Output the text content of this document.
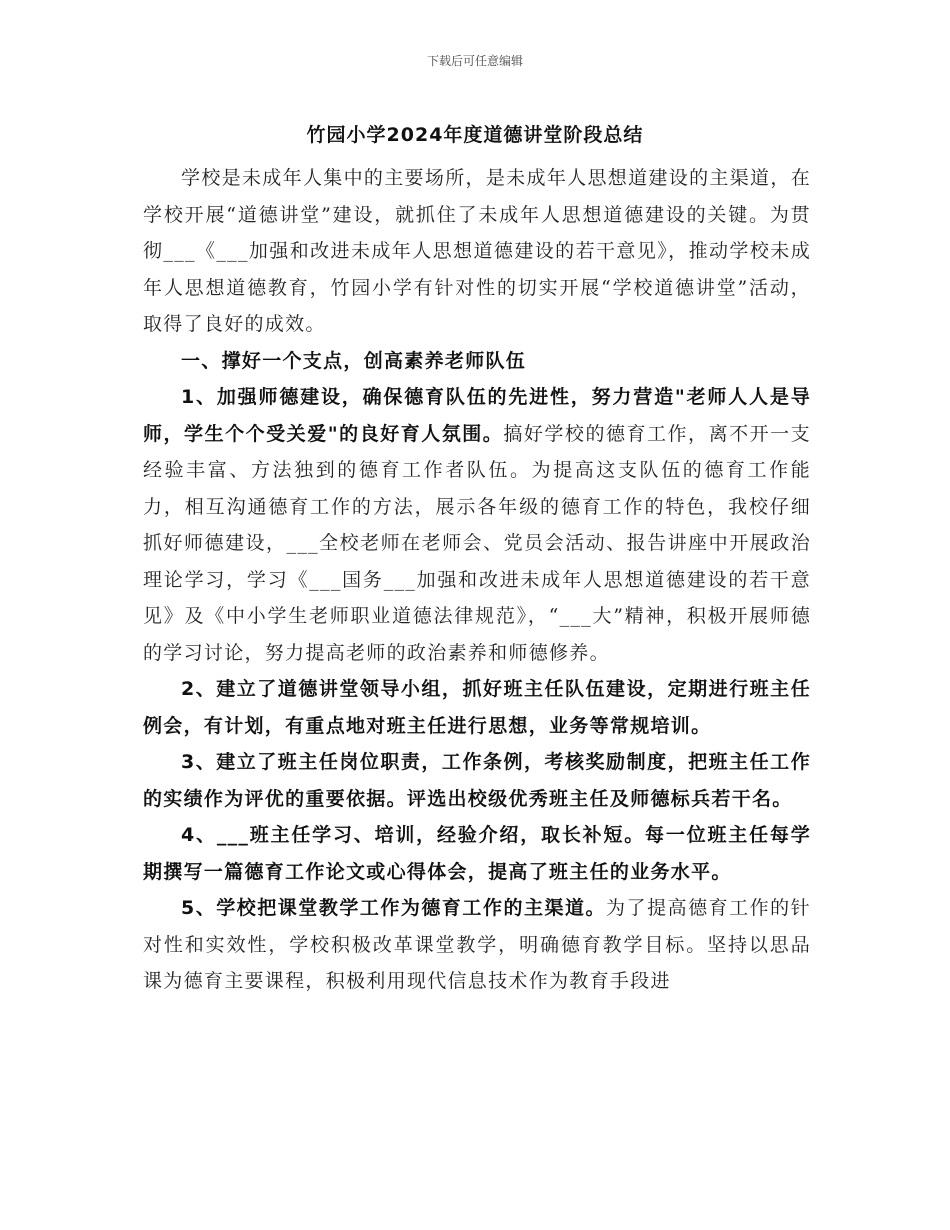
下载后可任意编辑
竹园小学2024年度道德讲堂阶段总结

学校是未成年人集中的主要场所，是未成年人思想道建设的主渠道，在学校开展“道德讲堂”建设，就抓住了未成年人思想道德建设的关键。为贯彻___《___加强和改进未成年人思想道德建设的若干意见》，推动学校未成年人思想道德教育，竹园小学有针对性的切实开展“学校道德讲堂”活动，取得了良好的成效。

一、撑好一个支点，创高素养老师队伍

1、加强师德建设，确保德育队伍的先进性，努力营造"老师人人是导师，学生个个受关爱"的良好育人氛围。搞好学校的德育工作，离不开一支经验丰富、方法独到的德育工作者队伍。为提高这支队伍的德育工作能力，相互沟通德育工作的方法，展示各年级的德育工作的特色，我校仔细抓好师德建设，___全校老师在老师会、党员会活动、报告讲座中开展政治理论学习，学习《___国务___加强和改进未成年人思想道德建设的若干意见》及《中小学生老师职业道德法律规范》，“___大”精神，积极开展师德的学习讨论，努力提高老师的政治素养和师德修养。

2、建立了道德讲堂领导小组，抓好班主任队伍建设，定期进行班主任例会，有计划，有重点地对班主任进行思想，业务等常规培训。

3、建立了班主任岗位职责，工作条例，考核奖励制度，把班主任工作的实绩作为评优的重要依据。评选出校级优秀班主任及师德标兵若干名。

4、___班主任学习、培训，经验介绍，取长补短。每一位班主任每学期撰写一篇德育工作论文或心得体会，提高了班主任的业务水平。

5、学校把课堂教学工作为德育工作的主渠道。为了提高德育工作的针对性和实效性，学校积极改革课堂教学，明确德育教学目标。坚持以思品课为德育主要课程，积极利用现代信息技术作为教育手段进
